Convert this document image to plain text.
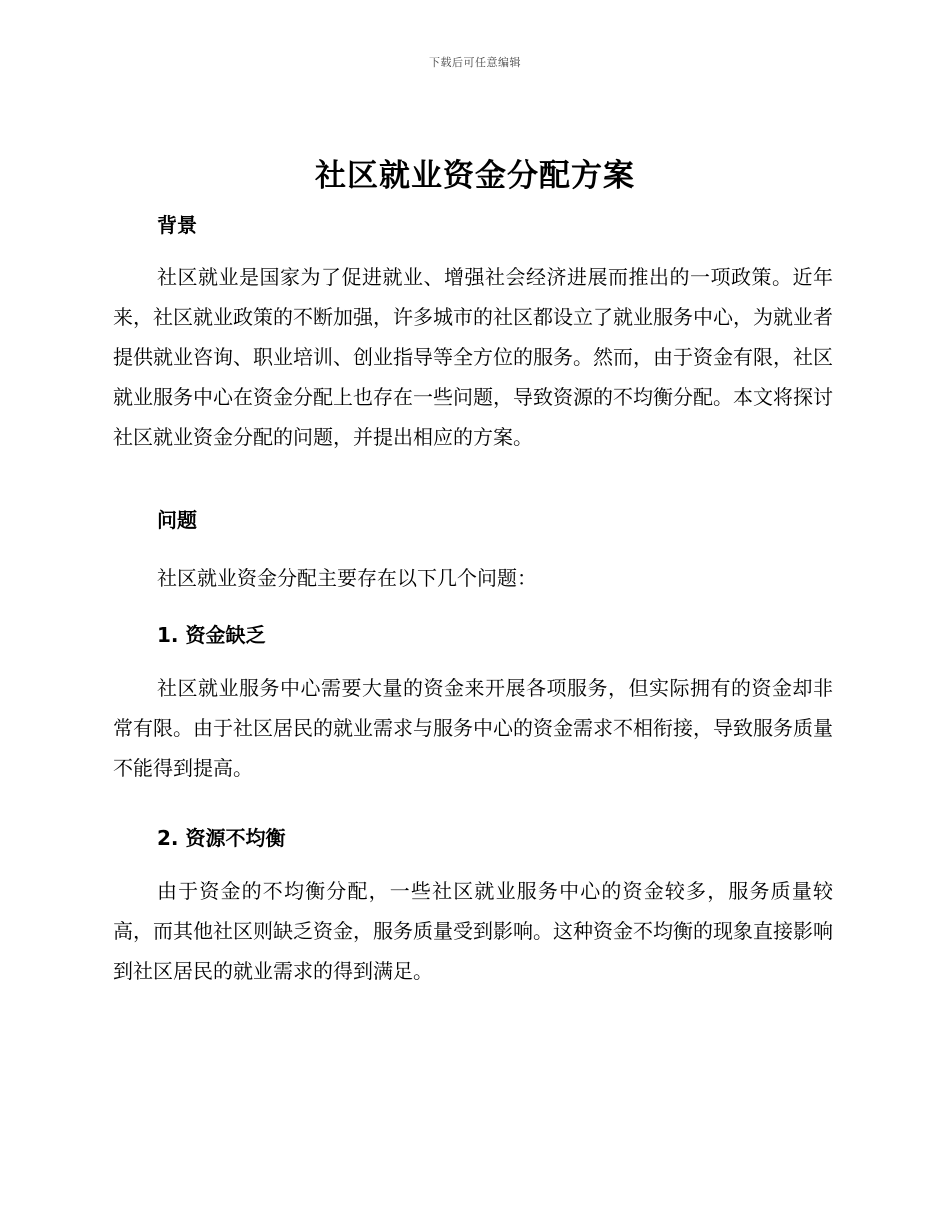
下载后可任意编辑
社区就业资金分配方案
背景
社区就业是国家为了促进就业、增强社会经济进展而推出的一项政策。近年来，社区就业政策的不断加强，许多城市的社区都设立了就业服务中心，为就业者提供就业咨询、职业培训、创业指导等全方位的服务。然而，由于资金有限，社区就业服务中心在资金分配上也存在一些问题，导致资源的不均衡分配。本文将探讨社区就业资金分配的问题，并提出相应的方案。
问题
社区就业资金分配主要存在以下几个问题：
1. 资金缺乏
社区就业服务中心需要大量的资金来开展各项服务，但实际拥有的资金却非常有限。由于社区居民的就业需求与服务中心的资金需求不相衔接，导致服务质量不能得到提高。
2. 资源不均衡
由于资金的不均衡分配，一些社区就业服务中心的资金较多，服务质量较高，而其他社区则缺乏资金，服务质量受到影响。这种资金不均衡的现象直接影响到社区居民的就业需求的得到满足。
